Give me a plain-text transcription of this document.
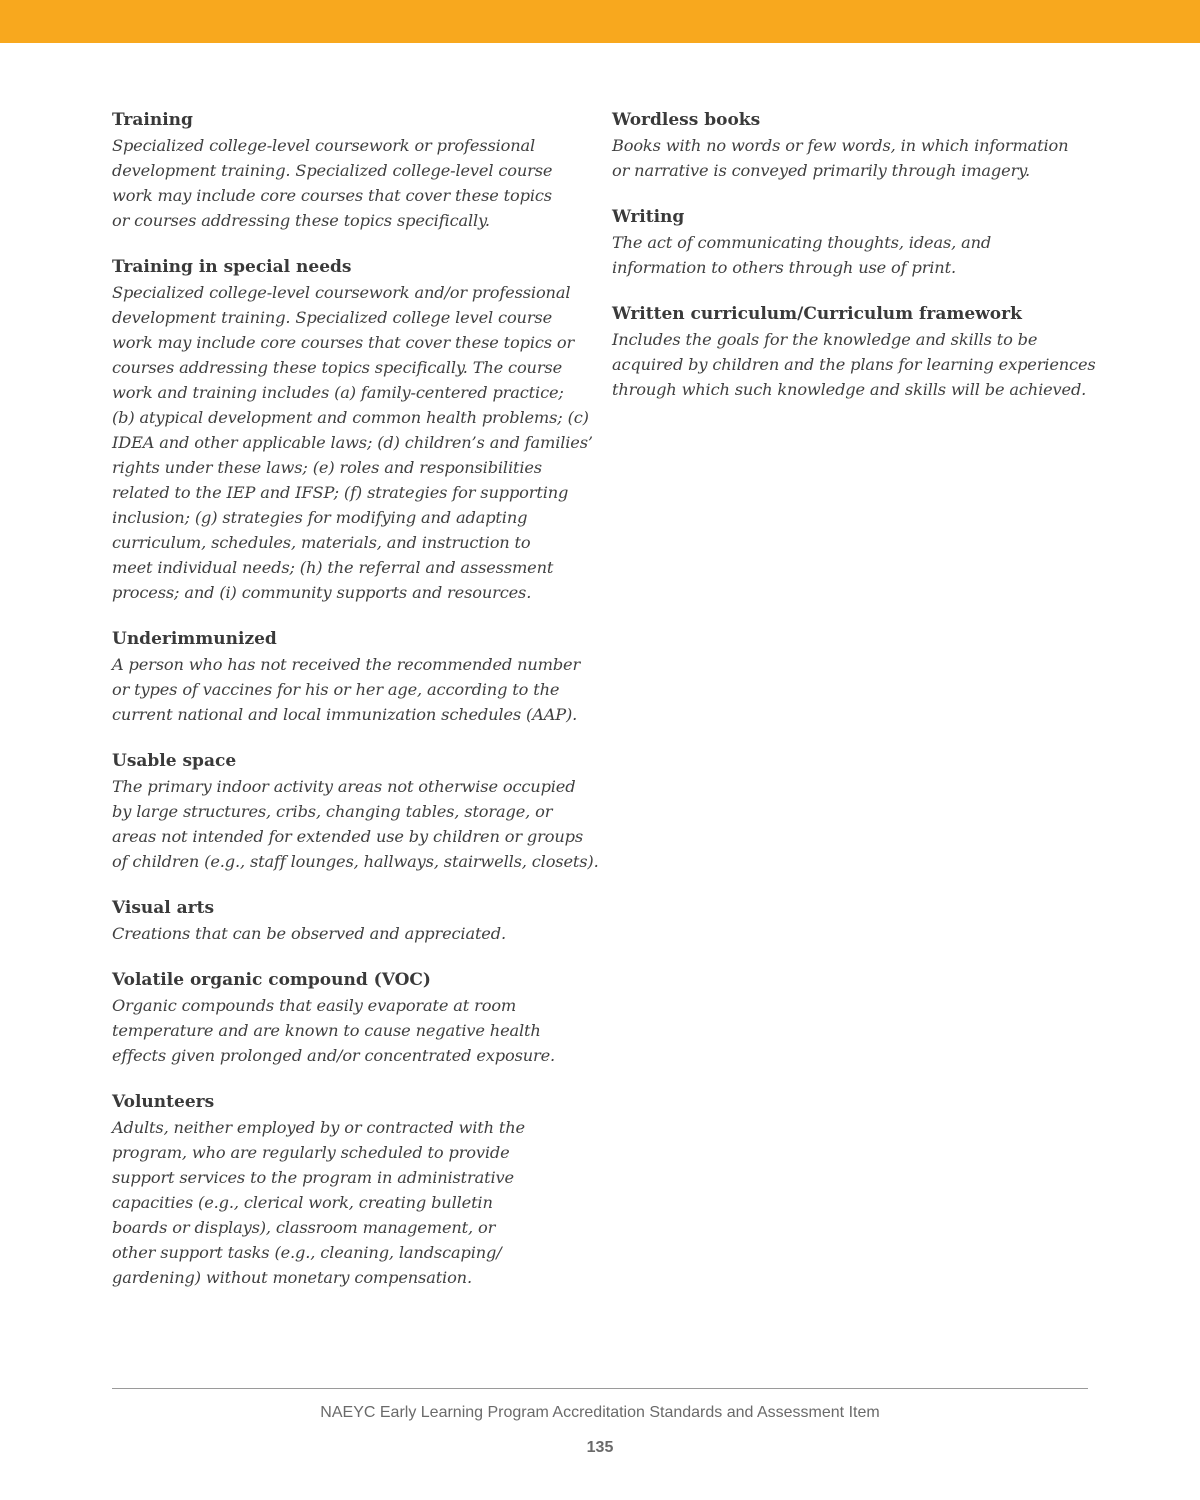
Training
Specialized college-level coursework or professional
development training. Specialized college-level course
work may include core courses that cover these topics
or courses addressing these topics specifically.
Training in special needs
Specialized college-level coursework and/or professional
development training. Specialized college level course
work may include core courses that cover these topics or
courses addressing these topics specifically. The course
work and training includes (a) family-centered practice;
(b) atypical development and common health problems; (c)
IDEA and other applicable laws; (d) children’s and families’
rights under these laws; (e) roles and responsibilities
related to the IEP and IFSP; (f) strategies for supporting
inclusion; (g) strategies for modifying and adapting
curriculum, schedules, materials, and instruction to
meet individual needs; (h) the referral and assessment
process; and (i) community supports and resources.
Underimmunized
A person who has not received the recommended number
or types of vaccines for his or her age, according to the
current national and local immunization schedules (AAP).
Usable space
The primary indoor activity areas not otherwise occupied
by large structures, cribs, changing tables, storage, or
areas not intended for extended use by children or groups
of children (e.g., staff lounges, hallways, stairwells, closets).
Visual arts
Creations that can be observed and appreciated.
Volatile organic compound (VOC)
Organic compounds that easily evaporate at room
temperature and are known to cause negative health
effects given prolonged and/or concentrated exposure.
Volunteers
Adults, neither employed by or contracted with the
program, who are regularly scheduled to provide
support services to the program in administrative
capacities (e.g., clerical work, creating bulletin
boards or displays), classroom management, or
other support tasks (e.g., cleaning, landscaping/
gardening) without monetary compensation.
Wordless books
Books with no words or few words, in which information
or narrative is conveyed primarily through imagery.
Writing
The act of communicating thoughts, ideas, and
information to others through use of print.
Written curriculum/Curriculum framework
Includes the goals for the knowledge and skills to be
acquired by children and the plans for learning experiences
through which such knowledge and skills will be achieved.
NAEYC Early Learning Program Accreditation Standards and Assessment Item
135
